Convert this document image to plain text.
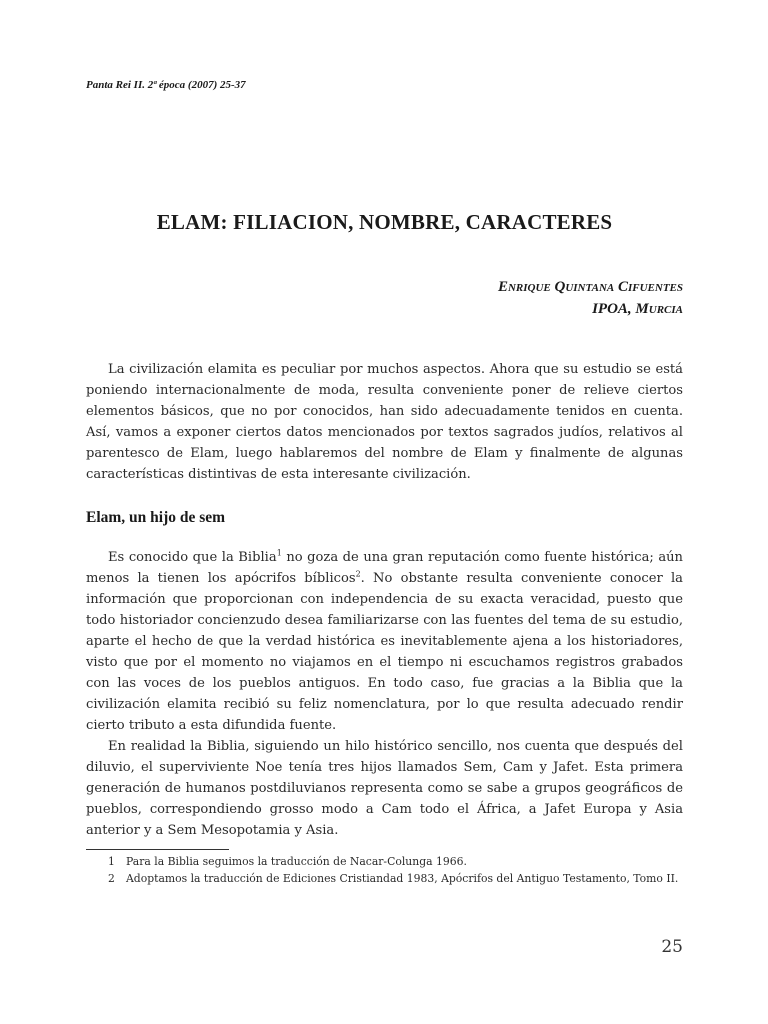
Panta Rei II. 2ª época (2007) 25-37
ELAM: FILIACION, NOMBRE, CARACTERES
Enrique Quintana Cifuentes
IPOA, Murcia

La civilización elamita es peculiar por muchos aspectos. Ahora que su estudio se está poniendo internacionalmente de moda, resulta conveniente poner de relieve ciertos elementos básicos, que no por conocidos, han sido adecuadamente tenidos en cuenta. Así, vamos a exponer ciertos datos mencionados por textos sagrados judíos, relativos al parentesco de Elam, luego hablaremos del nombre de Elam y finalmente de algunas características distintivas de esta interesante civilización.

Elam, un hijo de sem

Es conocido que la Biblia$^1$ no goza de una gran reputación como fuente histórica; aún menos la tienen los apócrifos bíblicos$^2$. No obstante resulta conveniente conocer la información que proporcionan con independencia de su exacta veracidad, puesto que todo historiador concienzudo desea familiarizarse con las fuentes del tema de su estudio, aparte el hecho de que la verdad histórica es inevitablemente ajena a los historiadores, visto que por el momento no viajamos en el tiempo ni escuchamos registros grabados con las voces de los pueblos antiguos. En todo caso, fue gracias a la Biblia que la civilización elamita recibió su feliz nomenclatura, por lo que resulta adecuado rendir cierto tributo a esta difundida fuente.

En realidad la Biblia, siguiendo un hilo histórico sencillo, nos cuenta que después del diluvio, el superviviente Noe tenía tres hijos llamados Sem, Cam y Jafet. Esta primera generación de humanos postdiluvianos representa como se sabe a grupos geográficos de pueblos, correspondiendo grosso modo a Cam todo el África, a Jafet Europa y Asia anterior y a Sem Mesopotamia y Asia.

1 Para la Biblia seguimos la traducción de Nacar-Colunga 1966.

2 Adoptamos la traducción de Ediciones Cristiandad 1983, Apócrifos del Antiguo Testamento, Tomo II.

25
